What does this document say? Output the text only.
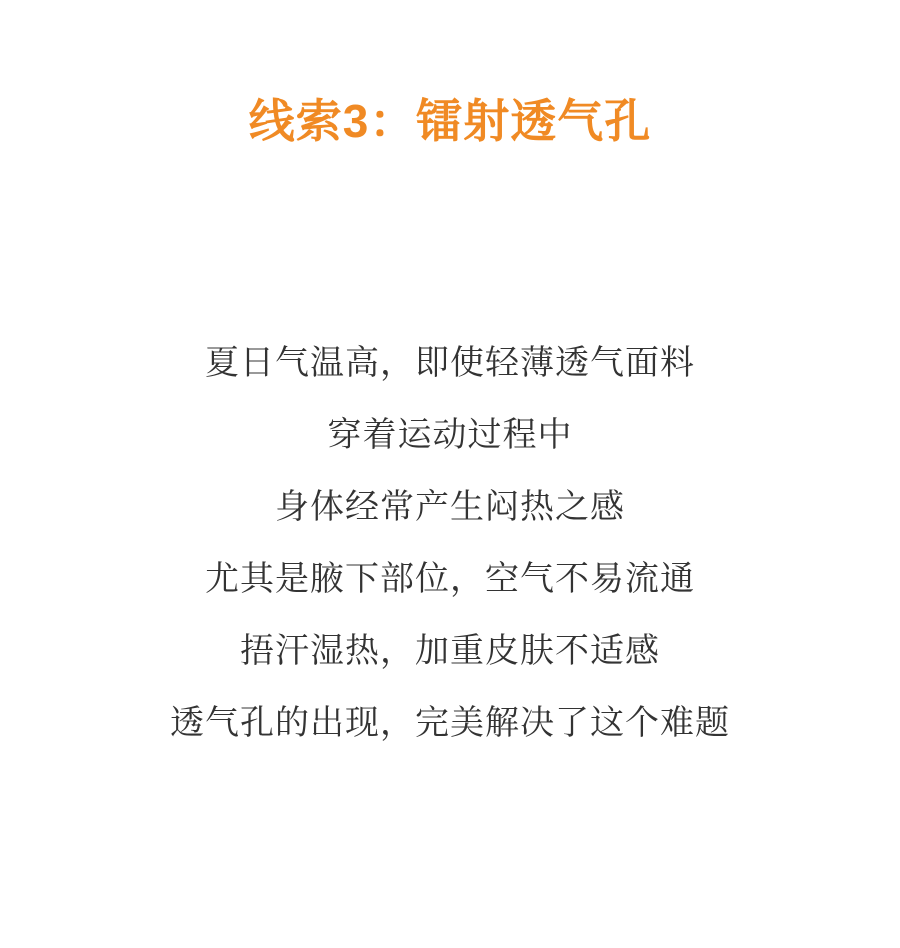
线索3：镭射透气孔

夏日气温高，即使轻薄透气面料

穿着运动过程中

身体经常产生闷热之感

尤其是腋下部位，空气不易流通

捂汗湿热，加重皮肤不适感

透气孔的出现，完美解决了这个难题
